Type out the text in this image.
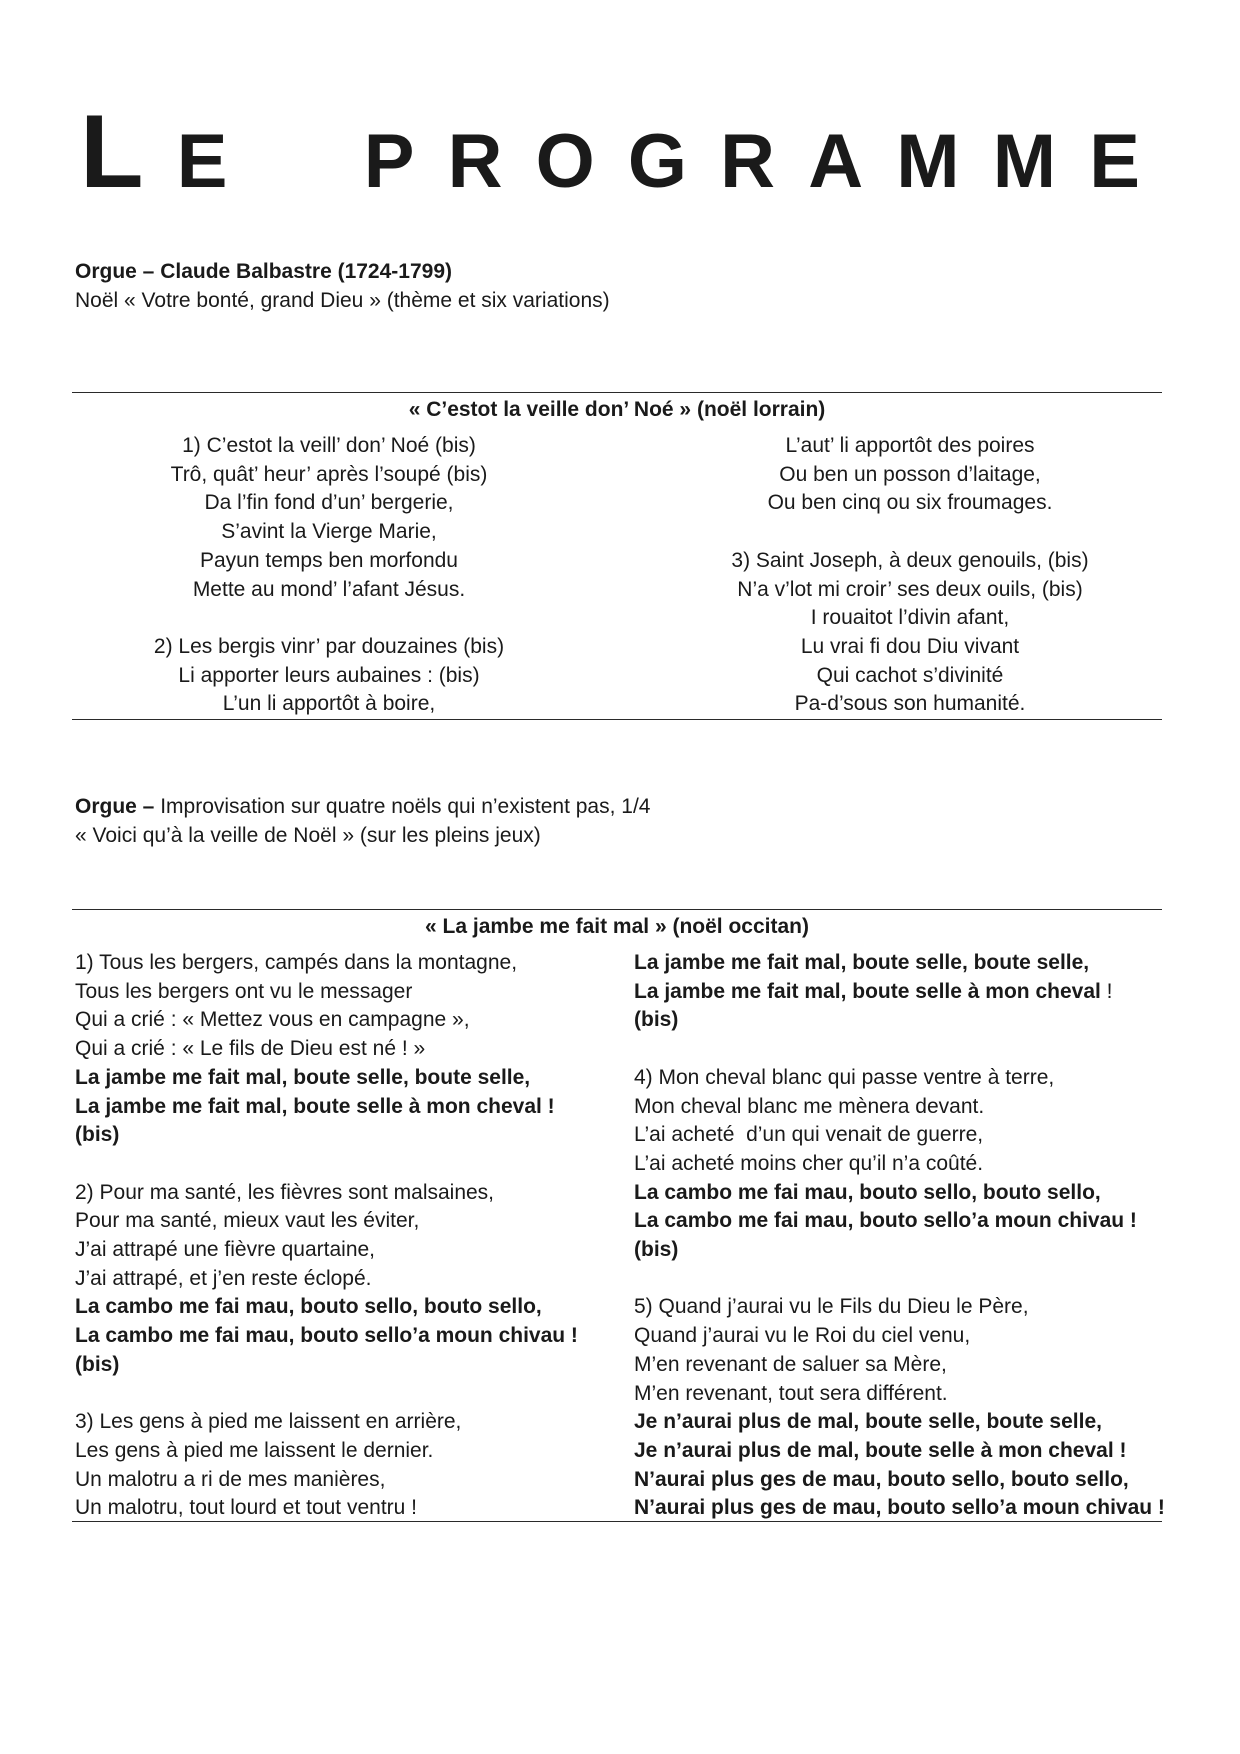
L E P R O G R A M M E
Orgue – Claude Balbastre (1724-1799)
Noël « Votre bonté, grand Dieu » (thème et six variations)
« C’estot la veille don’ Noé » (noël lorrain)
1) C’estot la veill’ don’ Noé (bis)
Trô, quât’ heur’ après l’soupé (bis)
Da l’fin fond d’un’ bergerie,
S’avint la Vierge Marie,
Payun temps ben morfondu
Mette au mond’ l’afant Jésus.
2) Les bergis vinr’ par douzaines (bis)
Li apporter leurs aubaines : (bis)
L’un li apportôt à boire,
L’aut’ li apportôt des poires
Ou ben un posson d’laitage,
Ou ben cinq ou six froumages.
3) Saint Joseph, à deux genouils, (bis)
N’a v’lot mi croir’ ses deux ouils, (bis)
I rouaitot l’divin afant,
Lu vrai fi dou Diu vivant
Qui cachot s’divinité
Pa-d’sous son humanité.
Orgue – Improvisation sur quatre noëls qui n’existent pas, 1/4
« Voici qu’à la veille de Noël » (sur les pleins jeux)
« La jambe me fait mal » (noël occitan)
1) Tous les bergers, campés dans la montagne,
Tous les bergers ont vu le messager
Qui a crié : « Mettez vous en campagne »,
Qui a crié : « Le fils de Dieu est né ! »
La jambe me fait mal, boute selle, boute selle,
La jambe me fait mal, boute selle à mon cheval !
(bis)
2) Pour ma santé, les fièvres sont malsaines,
Pour ma santé, mieux vaut les éviter,
J’ai attrapé une fièvre quartaine,
J’ai attrapé, et j’en reste éclopé.
La cambo me fai mau, bouto sello, bouto sello,
La cambo me fai mau, bouto sello’a moun chivau !
(bis)
3) Les gens à pied me laissent en arrière,
Les gens à pied me laissent le dernier.
Un malotru a ri de mes manières,
Un malotru, tout lourd et tout ventru !
La jambe me fait mal, boute selle, boute selle,
La jambe me fait mal, boute selle à mon cheval !
(bis)
4) Mon cheval blanc qui passe ventre à terre,
Mon cheval blanc me mènera devant.
L’ai acheté  d’un qui venait de guerre,
L’ai acheté moins cher qu’il n’a coûté.
La cambo me fai mau, bouto sello, bouto sello,
La cambo me fai mau, bouto sello’a moun chivau !
(bis)
5) Quand j’aurai vu le Fils du Dieu le Père,
Quand j’aurai vu le Roi du ciel venu,
M’en revenant de saluer sa Mère,
M’en revenant, tout sera différent.
Je n’aurai plus de mal, boute selle, boute selle,
Je n’aurai plus de mal, boute selle à mon cheval !
N’aurai plus ges de mau, bouto sello, bouto sello,
N’aurai plus ges de mau, bouto sello’a moun chivau !
